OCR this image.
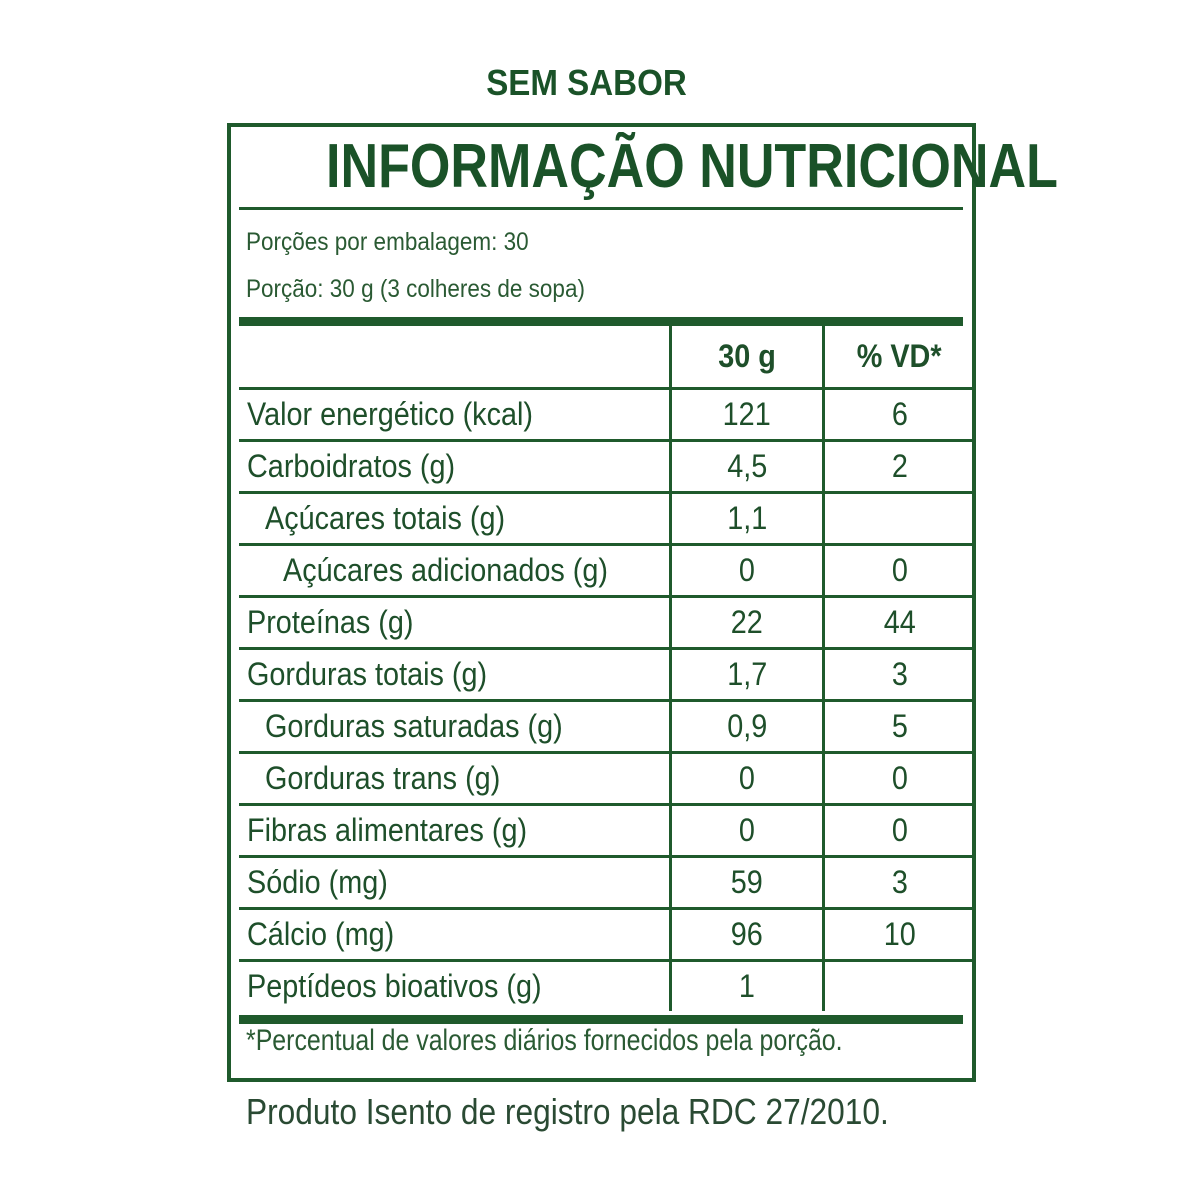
SEM SABOR
INFORMAÇÃO NUTRICIONAL
Porções por embalagem: 30
Porção: 30 g (3 colheres de sopa)
	30 g	% VD*
Valor energético (kcal)	121	6
Carboidratos (g)	4,5	2
Açúcares totais (g)	1,1	
Açúcares adicionados (g)	0	0
Proteínas (g)	22	44
Gorduras totais (g)	1,7	3
Gorduras saturadas (g)	0,9	5
Gorduras trans (g)	0	0
Fibras alimentares (g)	0	0
Sódio (mg)	59	3
Cálcio (mg)	96	10
Peptídeos bioativos (g)	1	
*Percentual de valores diários fornecidos pela porção.
Produto Isento de registro pela RDC 27/2010.
